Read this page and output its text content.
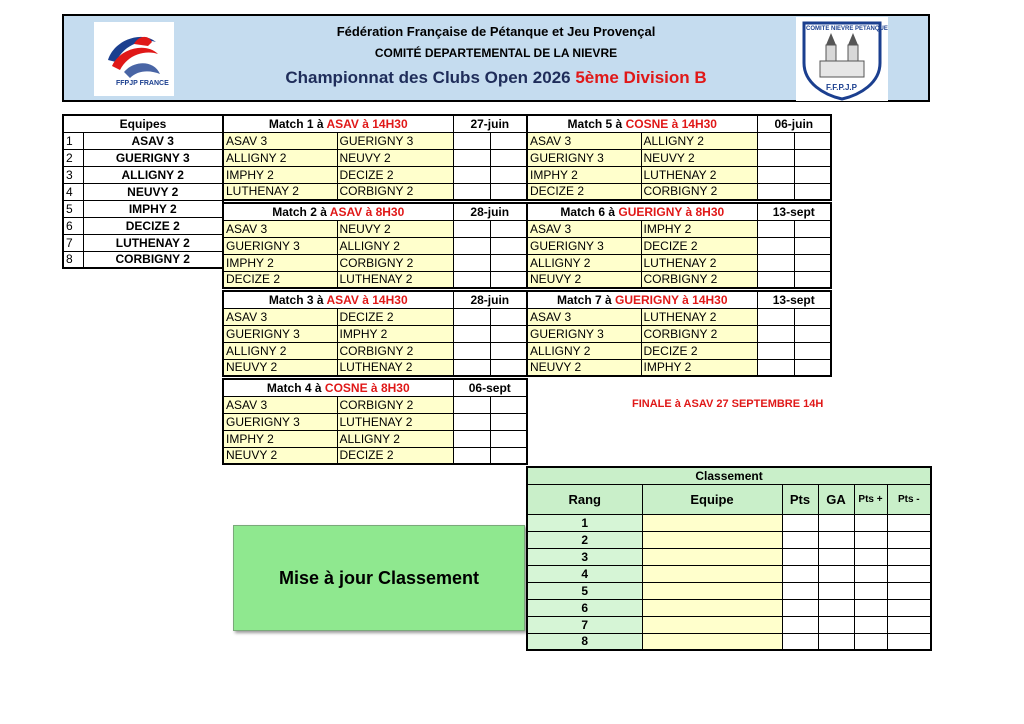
FFPJP FRANCE
Fédération Française de Pétanque et Jeu Provençal
COMITÉ DEPARTEMENTAL DE LA NIEVRE
Championnat des Clubs Open 2026 5ème Division B
COMITE NIEVRE PETANQUE
F.F.P.J.P
Equipes	
1	ASAV 3
2	GUERIGNY 3
3	ALLIGNY 2
4	NEUVY 2
5	IMPHY 2
6	DECIZE 2
7	LUTHENAY 2
8	CORBIGNY 2
Match 1 à ASAV à 14H30		27-juin	
ASAV 3	GUERIGNY 3		
ALLIGNY 2	NEUVY 2		
IMPHY 2	DECIZE 2		
LUTHENAY 2	CORBIGNY 2		
Match 2 à ASAV à 8H30		28-juin	
ASAV 3	NEUVY 2		
GUERIGNY 3	ALLIGNY 2		
IMPHY 2	CORBIGNY 2		
DECIZE 2	LUTHENAY 2		
Match 3 à ASAV à 14H30		28-juin	
ASAV 3	DECIZE 2		
GUERIGNY 3	IMPHY 2		
ALLIGNY 2	CORBIGNY 2		
NEUVY 2	LUTHENAY 2		
Match 4 à COSNE à 8H30		06-sept	
ASAV 3	CORBIGNY 2		
GUERIGNY 3	LUTHENAY 2		
IMPHY 2	ALLIGNY 2		
NEUVY 2	DECIZE 2		
Match 5 à COSNE à 14H30		06-juin	
ASAV 3	ALLIGNY 2		
GUERIGNY 3	NEUVY 2		
IMPHY 2	LUTHENAY 2		
DECIZE 2	CORBIGNY 2		
Match 6 à GUERIGNY à 8H30		13-sept	
ASAV 3	IMPHY 2		
GUERIGNY 3	DECIZE 2		
ALLIGNY 2	LUTHENAY 2		
NEUVY 2	CORBIGNY 2		
Match 7 à GUERIGNY à 14H30		13-sept	
ASAV 3	LUTHENAY 2		
GUERIGNY 3	CORBIGNY 2		
ALLIGNY 2	DECIZE 2		
NEUVY 2	IMPHY 2		
FINALE à ASAV 27 SEPTEMBRE 14H
Mise à jour Classement
Classement					
Rang	Equipe	Pts	GA	Pts +	Pts -
1					
2					
3					
4					
5					
6					
7					
8					
